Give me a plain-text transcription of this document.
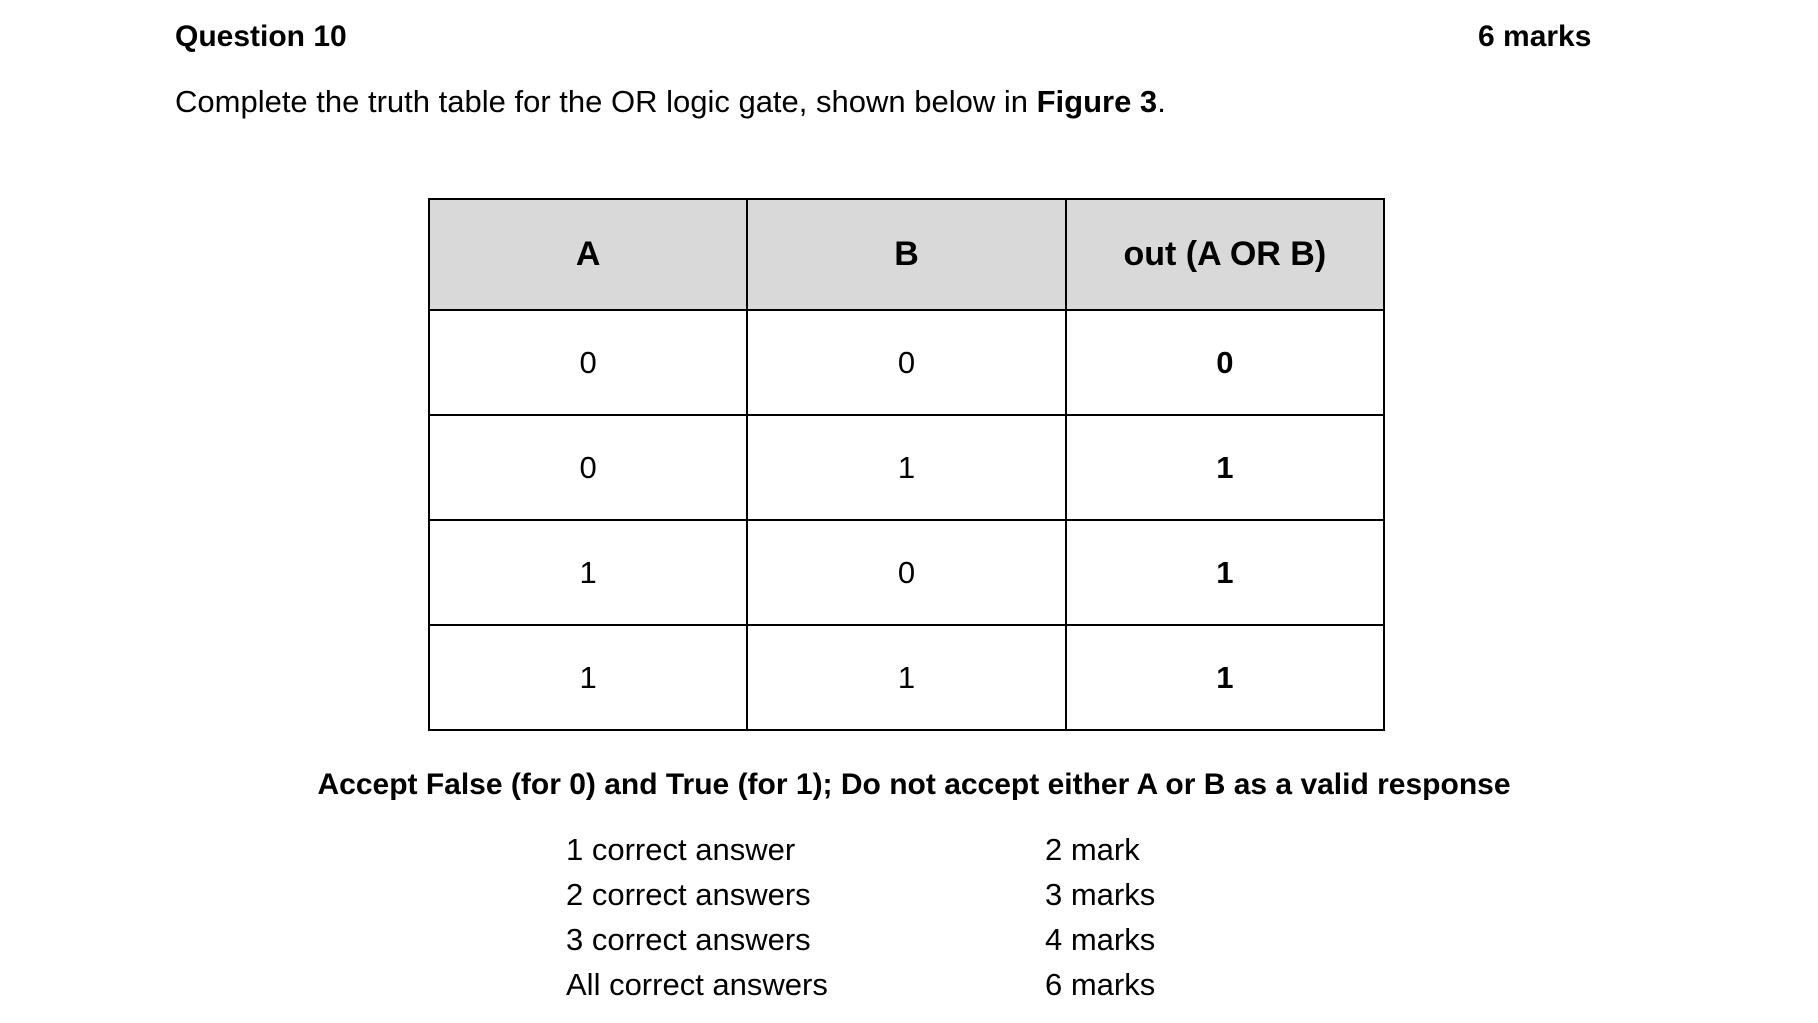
Question 10	6 marks
Complete the truth table for the OR logic gate, shown below in Figure 3.
A	B	out (A OR B)
0	0	0
0	1	1
1	0	1
1	1	1
Accept False (for 0) and True (for 1); Do not accept either A or B as a valid response
1 correct answer	2 mark
2 correct answers	3 marks
3 correct answers	4 marks
All correct answers	6 marks
